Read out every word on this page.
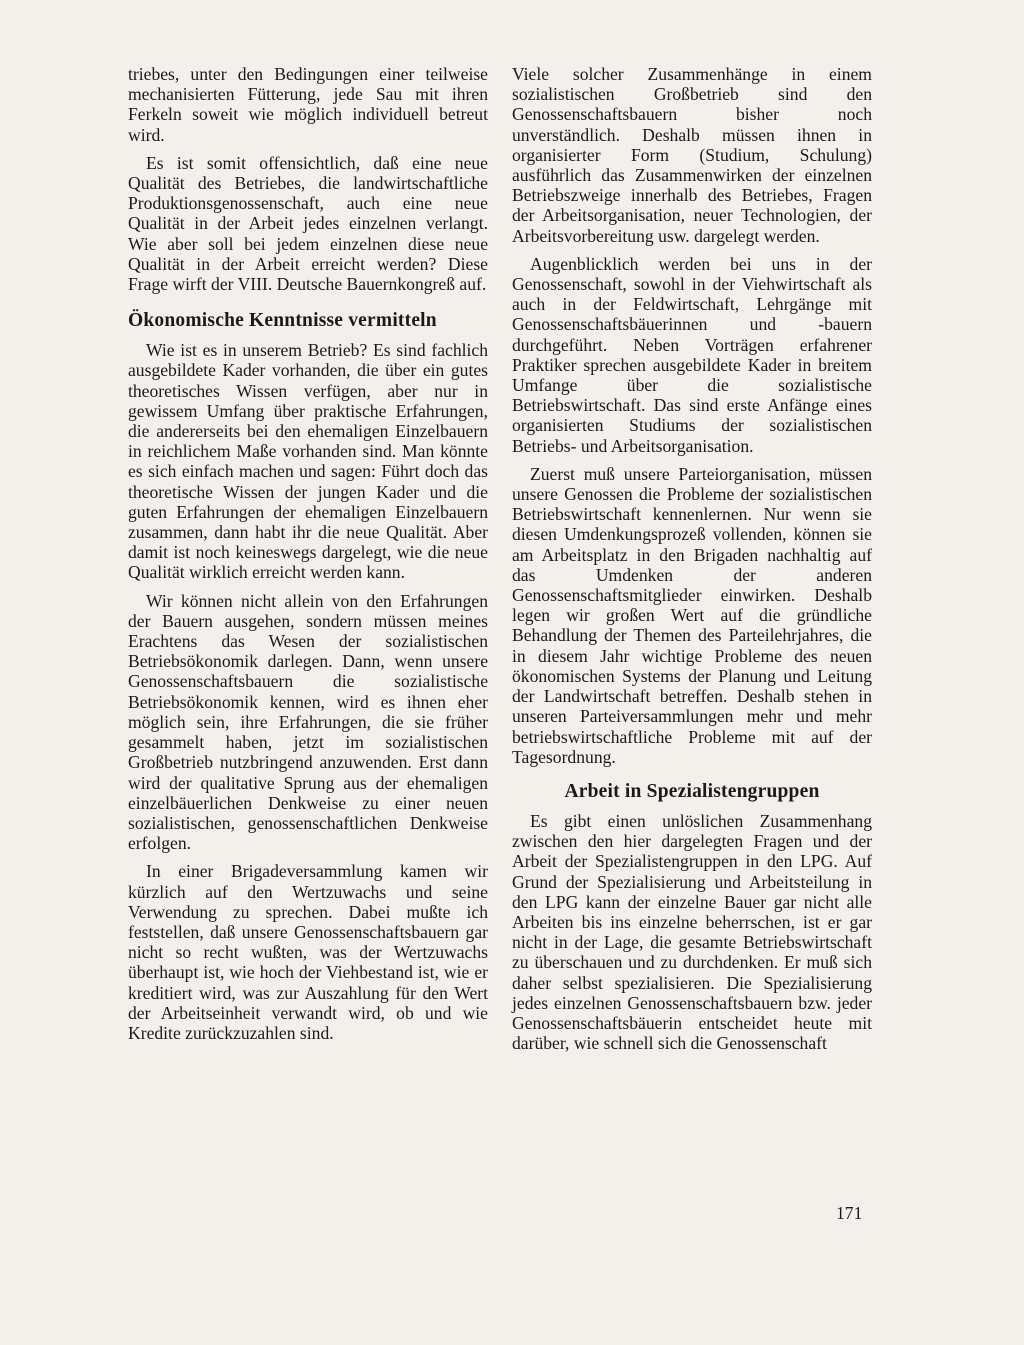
triebes, unter den Bedingungen einer teilweise mechanisierten Fütterung, jede Sau mit ihren Ferkeln soweit wie möglich individuell betreut wird.

Es ist somit offensichtlich, daß eine neue Qualität des Betriebes, die landwirtschaftliche Produktionsgenossenschaft, auch eine neue Qualität in der Arbeit jedes einzelnen verlangt. Wie aber soll bei jedem einzelnen diese neue Qualität in der Arbeit erreicht werden? Diese Frage wirft der VIII. Deutsche Bauernkongreß auf.

Ökonomische Kenntnisse vermitteln

Wie ist es in unserem Betrieb? Es sind fachlich ausgebildete Kader vorhanden, die über ein gutes theoretisches Wissen verfügen, aber nur in gewissem Umfang über praktische Erfahrungen, die andererseits bei den ehemaligen Einzelbauern in reichlichem Maße vorhanden sind. Man könnte es sich einfach machen und sagen: Führt doch das theoretische Wissen der jungen Kader und die guten Erfahrungen der ehemaligen Einzelbauern zusammen, dann habt ihr die neue Qualität. Aber damit ist noch keineswegs dargelegt, wie die neue Qualität wirklich erreicht werden kann.

Wir können nicht allein von den Erfahrungen der Bauern ausgehen, sondern müssen meines Erachtens das Wesen der sozialistischen Betriebsökonomik darlegen. Dann, wenn unsere Genossenschaftsbauern die sozialistische Betriebsökonomik kennen, wird es ihnen eher möglich sein, ihre Erfahrungen, die sie früher gesammelt haben, jetzt im sozialistischen Großbetrieb nutzbringend anzuwenden. Erst dann wird der qualitative Sprung aus der ehemaligen einzelbäuerlichen Denkweise zu einer neuen sozialistischen, genossenschaftlichen Denkweise erfolgen.

In einer Brigadeversammlung kamen wir kürzlich auf den Wertzuwachs und seine Verwendung zu sprechen. Dabei mußte ich feststellen, daß unsere Genossenschaftsbauern gar nicht so recht wußten, was der Wertzuwachs überhaupt ist, wie hoch der Viehbestand ist, wie er kreditiert wird, was zur Auszahlung für den Wert der Arbeitseinheit verwandt wird, ob und wie Kredite zurückzuzahlen sind.

Viele solcher Zusammenhänge in einem sozialistischen Großbetrieb sind den Genossenschaftsbauern bisher noch unverständlich. Deshalb müssen ihnen in organisierter Form (Studium, Schulung) ausführlich das Zusammenwirken der einzelnen Betriebszweige innerhalb des Betriebes, Fragen der Arbeitsorganisation, neuer Technologien, der Arbeitsvorbereitung usw. dargelegt werden.

Augenblicklich werden bei uns in der Genossenschaft, sowohl in der Viehwirtschaft als auch in der Feldwirtschaft, Lehrgänge mit Genossenschaftsbäuerinnen und -bauern durchgeführt. Neben Vorträgen erfahrener Praktiker sprechen ausgebildete Kader in breitem Umfange über die sozialistische Betriebswirtschaft. Das sind erste Anfänge eines organisierten Studiums der sozialistischen Betriebs- und Arbeitsorganisation.

Zuerst muß unsere Parteiorganisation, müssen unsere Genossen die Probleme der sozialistischen Betriebswirtschaft kennenlernen. Nur wenn sie diesen Umdenkungsprozeß vollenden, können sie am Arbeitsplatz in den Brigaden nachhaltig auf das Umdenken der anderen Genossenschaftsmitglieder einwirken. Deshalb legen wir großen Wert auf die gründliche Behandlung der Themen des Parteilehrjahres, die in diesem Jahr wichtige Probleme des neuen ökonomischen Systems der Planung und Leitung der Landwirtschaft betreffen. Deshalb stehen in unseren Parteiversammlungen mehr und mehr betriebswirtschaftliche Probleme mit auf der Tagesordnung.

Arbeit in Spezialistengruppen

Es gibt einen unlöslichen Zusammenhang zwischen den hier dargelegten Fragen und der Arbeit der Spezialistengruppen in den LPG. Auf Grund der Spezialisierung und Arbeitsteilung in den LPG kann der einzelne Bauer gar nicht alle Arbeiten bis ins einzelne beherrschen, ist er gar nicht in der Lage, die gesamte Betriebswirtschaft zu überschauen und zu durchdenken. Er muß sich daher selbst spezialisieren. Die Spezialisierung jedes einzelnen Genossenschaftsbauern bzw. jeder Genossenschaftsbäuerin entscheidet heute mit darüber, wie schnell sich die Genossenschaft

171
